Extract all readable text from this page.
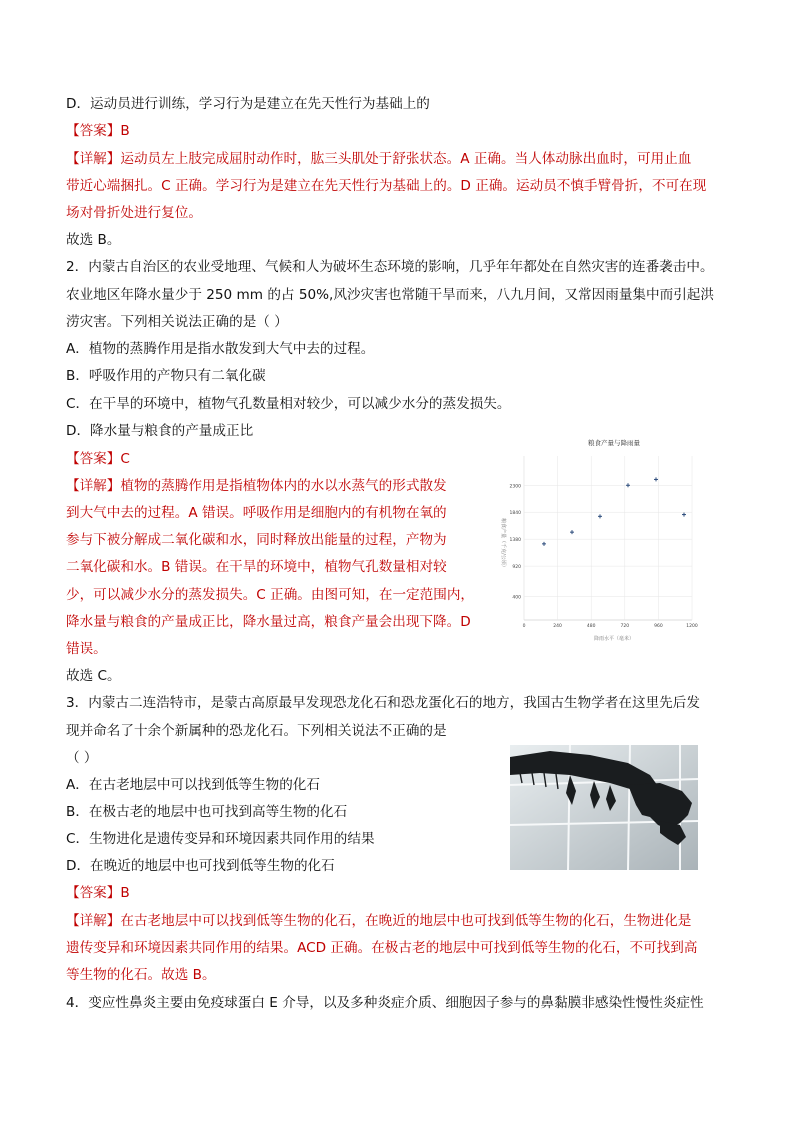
D．运动员进行训练，学习行为是建立在先天性行为基础上的
【答案】B
【详解】运动员左上肢完成屈肘动作时，肱三头肌处于舒张状态。A 正确。当人体动脉出血时，可用止血
带近心端捆扎。C 正确。学习行为是建立在先天性行为基础上的。D 正确。运动员不慎手臂骨折，不可在现
场对骨折处进行复位。
故选 B。
2．内蒙古自治区的农业受地理、气候和人为破坏生态环境的影响，几乎年年都处在自然灾害的连番袭击中。
农业地区年降水量少于 250 mm 的占 50%,风沙灾害也常随干旱而来，八九月间，又常因雨量集中而引起洪
涝灾害。下列相关说法正确的是（ ）
A．植物的蒸腾作用是指水散发到大气中去的过程。
B．呼吸作用的产物只有二氧化碳
C．在干旱的环境中，植物气孔数量相对较少，可以减少水分的蒸发损失。
D．降水量与粮食的产量成正比
【答案】C
【详解】植物的蒸腾作用是指植物体内的水以水蒸气的形式散发
到大气中去的过程。A 错误。呼吸作用是细胞内的有机物在氧的
参与下被分解成二氧化碳和水，同时释放出能量的过程，产物为
二氧化碳和水。B 错误。在干旱的环境中，植物气孔数量相对较
少，可以减少水分的蒸发损失。C 正确。由图可知，在一定范围内，
降水量与粮食的产量成正比，降水量过高，粮食产量会出现下降。D
错误。
故选 C。
粮食产量与降雨量
粮食产量（千克/公顷）
降雨水平（毫米）
400
920
1380
1840
2300
0	240	480	720	960	1200
3．内蒙古二连浩特市，是蒙古高原最早发现恐龙化石和恐龙蛋化石的地方，我国古生物学者在这里先后发
现并命名了十余个新属种的恐龙化石。下列相关说法不正确的是
（ ）
A．在古老地层中可以找到低等生物的化石
B．在极古老的地层中也可找到高等生物的化石
C．生物进化是遗传变异和环境因素共同作用的结果
D．在晚近的地层中也可找到低等生物的化石
【答案】B
【详解】在古老地层中可以找到低等生物的化石，在晚近的地层中也可找到低等生物的化石，生物进化是
遗传变异和环境因素共同作用的结果。ACD 正确。在极古老的地层中可找到低等生物的化石，不可找到高
等生物的化石。故选 B。
4．变应性鼻炎主要由免疫球蛋白 E 介导，以及多种炎症介质、细胞因子参与的鼻黏膜非感染性慢性炎症性
